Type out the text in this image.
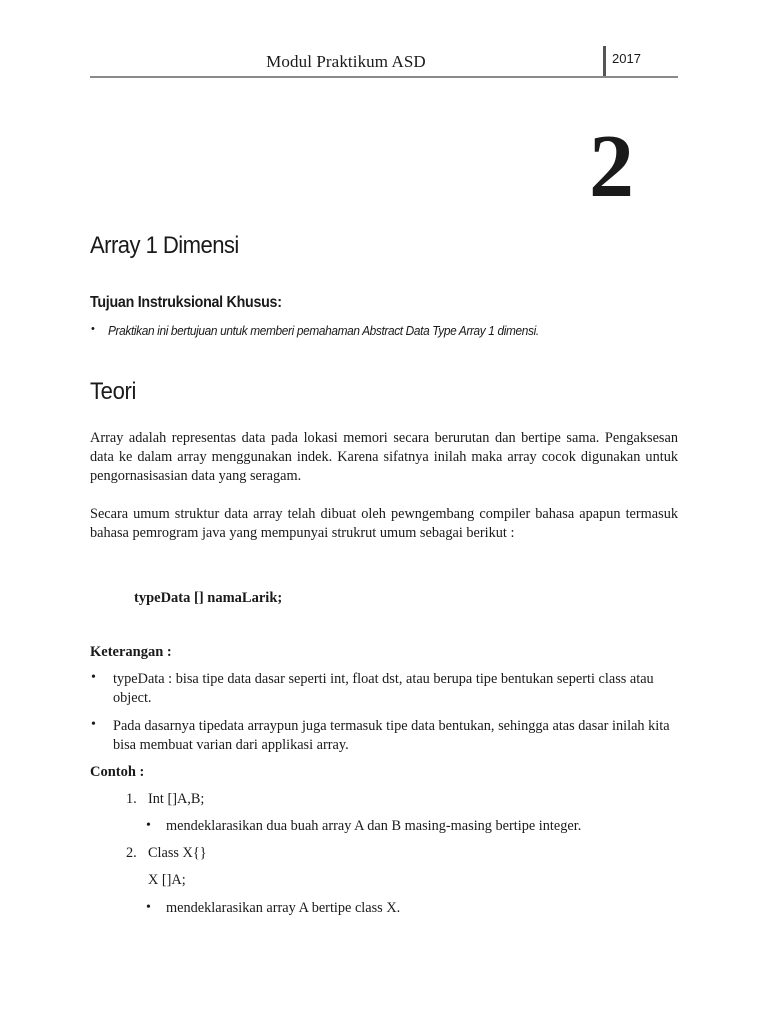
Modul Praktikum ASD	2017
2
Array 1 Dimensi
Tujuan Instruksional Khusus:
• Praktikan ini bertujuan untuk memberi pemahaman Abstract Data Type Array 1 dimensi.
Teori
Array adalah representas data pada lokasi memori secara berurutan dan bertipe sama. Pengaksesan data ke dalam array menggunakan indek. Karena sifatnya inilah maka array cocok digunakan untuk pengornasisasian data yang seragam.
Secara umum struktur data array telah dibuat oleh pewngembang compiler bahasa apapun termasuk bahasa pemrogram java yang mempunyai strukrut umum sebagai berikut :
typeData [] namaLarik;
Keterangan :
• typeData : bisa tipe data dasar seperti int, float dst, atau berupa tipe bentukan seperti class atau object.
• Pada dasarnya tipedata arraypun juga termasuk tipe data bentukan, sehingga atas dasar inilah kita bisa membuat varian dari applikasi array.
Contoh :
1. Int []A,B;
• mendeklarasikan dua buah array A dan B masing-masing bertipe integer.
2. Class X{}
X []A;
• mendeklarasikan array A bertipe class X.
